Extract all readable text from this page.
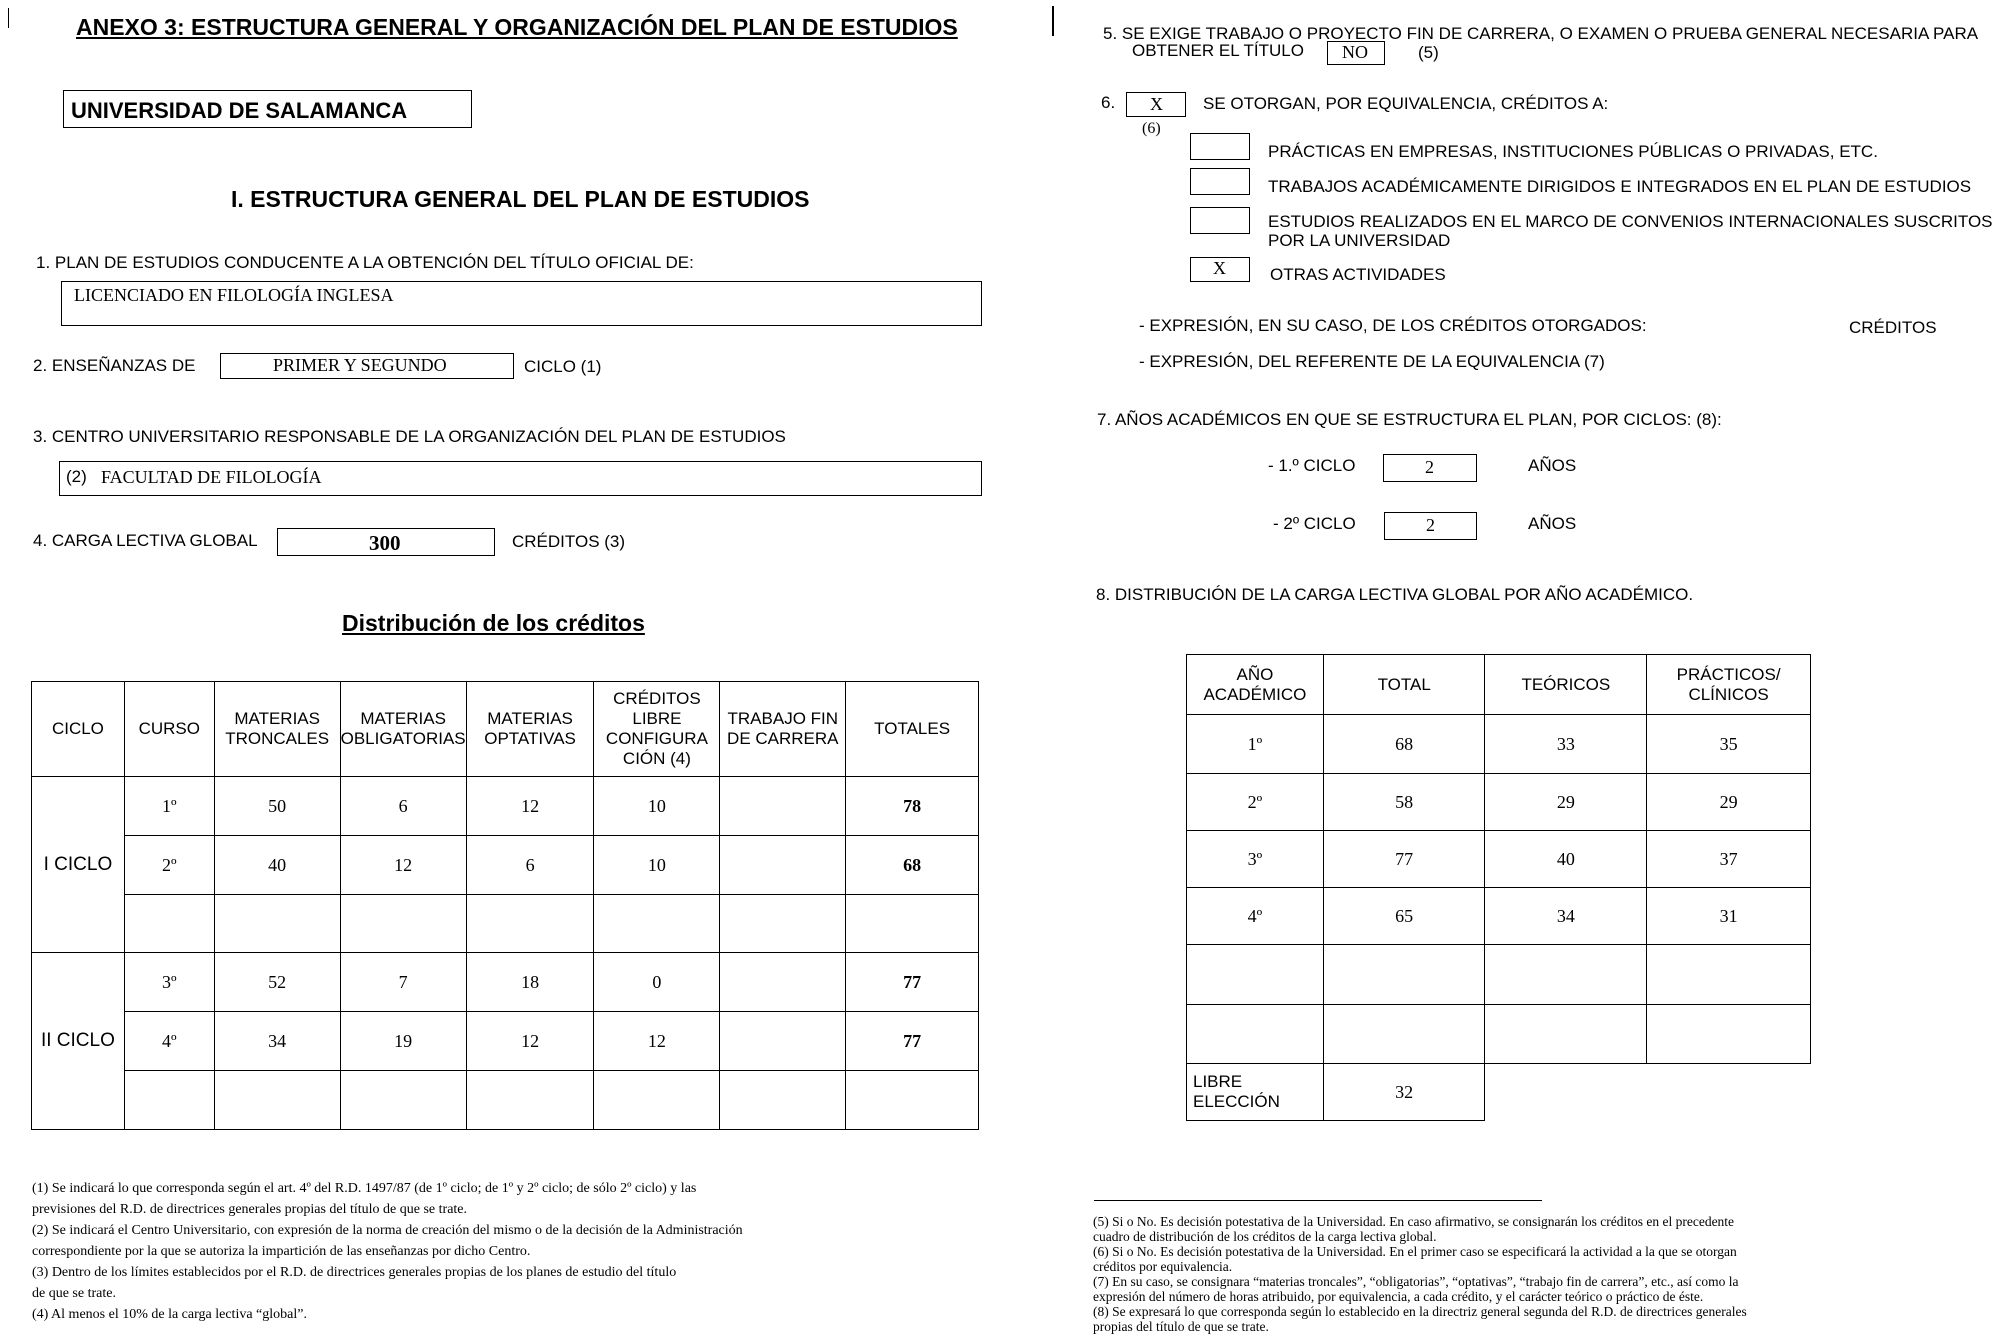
ANEXO 3: ESTRUCTURA GENERAL Y ORGANIZACIÓN DEL PLAN DE ESTUDIOS
UNIVERSIDAD DE SALAMANCA
I. ESTRUCTURA GENERAL DEL PLAN DE ESTUDIOS
1. PLAN DE ESTUDIOS CONDUCENTE A LA OBTENCIÓN DEL TÍTULO OFICIAL DE:
LICENCIADO EN FILOLOGÍA INGLESA
2. ENSEÑANZAS DE	PRIMER Y SEGUNDO	CICLO (1)
3. CENTRO UNIVERSITARIO RESPONSABLE DE LA ORGANIZACIÓN DEL PLAN DE ESTUDIOS
(2) FACULTAD DE FILOLOGÍA
4. CARGA LECTIVA GLOBAL	300	CRÉDITOS (3)
Distribución de los créditos
CICLO	CURSO	MATERIAS TRONCALES	MATERIAS OBLIGATORIAS	MATERIAS OPTATIVAS	CRÉDITOS LIBRE CONFIGURA CIÓN (4)	TRABAJO FIN DE CARRERA	TOTALES
I CICLO	1º	50	6	12	10		78
	2º	40	12	6	10		68

II CICLO	3º	52	7	18	0		77
	4º	34	19	12	12		77

(1) Se indicará lo que corresponda según el art. 4º del R.D. 1497/87 (de 1º ciclo; de 1º y 2º ciclo; de sólo 2º ciclo) y las
previsiones del R.D. de directrices generales propias del título de que se trate.
(2) Se indicará el Centro Universitario, con expresión de la norma de creación del mismo o de la decisión de la Administración
correspondiente por la que se autoriza la impartición de las enseñanzas por dicho Centro.
(3) Dentro de los límites establecidos por el R.D. de directrices generales propias de los planes de estudio del título
de que se trate.
(4) Al menos el 10% de la carga lectiva “global”.
5. SE EXIGE TRABAJO O PROYECTO FIN DE CARRERA, O EXAMEN O PRUEBA GENERAL NECESARIA PARA
OBTENER EL TÍTULO NO	(5)
6. X
(6)
SE OTORGAN, POR EQUIVALENCIA, CRÉDITOS A:
PRÁCTICAS EN EMPRESAS, INSTITUCIONES PÚBLICAS O PRIVADAS, ETC.
TRABAJOS ACADÉMICAMENTE DIRIGIDOS E INTEGRADOS EN EL PLAN DE ESTUDIOS
ESTUDIOS REALIZADOS EN EL MARCO DE CONVENIOS INTERNACIONALES SUSCRITOS
POR LA UNIVERSIDAD
X	OTRAS ACTIVIDADES
- EXPRESIÓN, EN SU CASO, DE LOS CRÉDITOS OTORGADOS:	CRÉDITOS
- EXPRESIÓN, DEL REFERENTE DE LA EQUIVALENCIA (7)
7. AÑOS ACADÉMICOS EN QUE SE ESTRUCTURA EL PLAN, POR CICLOS: (8):
- 1.º CICLO	2	AÑOS
- 2º CICLO	2	AÑOS
8. DISTRIBUCIÓN DE LA CARGA LECTIVA GLOBAL POR AÑO ACADÉMICO.
AÑO ACADÉMICO	TOTAL	TEÓRICOS	PRÁCTICOS/ CLÍNICOS
1º	68	33	35
2º	58	29	29
3º	77	40	37
4º	65	34	31

LIBRE ELECCIÓN	32		
(5) Si o No. Es decisión potestativa de la Universidad. En caso afirmativo, se consignarán los créditos en el precedente
cuadro de distribución de los créditos de la carga lectiva global.
(6) Si o No. Es decisión potestativa de la Universidad. En el primer caso se especificará la actividad a la que se otorgan
créditos por equivalencia.
(7) En su caso, se consignara “materias troncales”, “obligatorias”, “optativas”, “trabajo fin de carrera”, etc., así como la
expresión del número de horas atribuido, por equivalencia, a cada crédito, y el carácter teórico o práctico de éste.
(8) Se expresará lo que corresponda según lo establecido en la directriz general segunda del R.D. de directrices generales
propias del título de que se trate.
